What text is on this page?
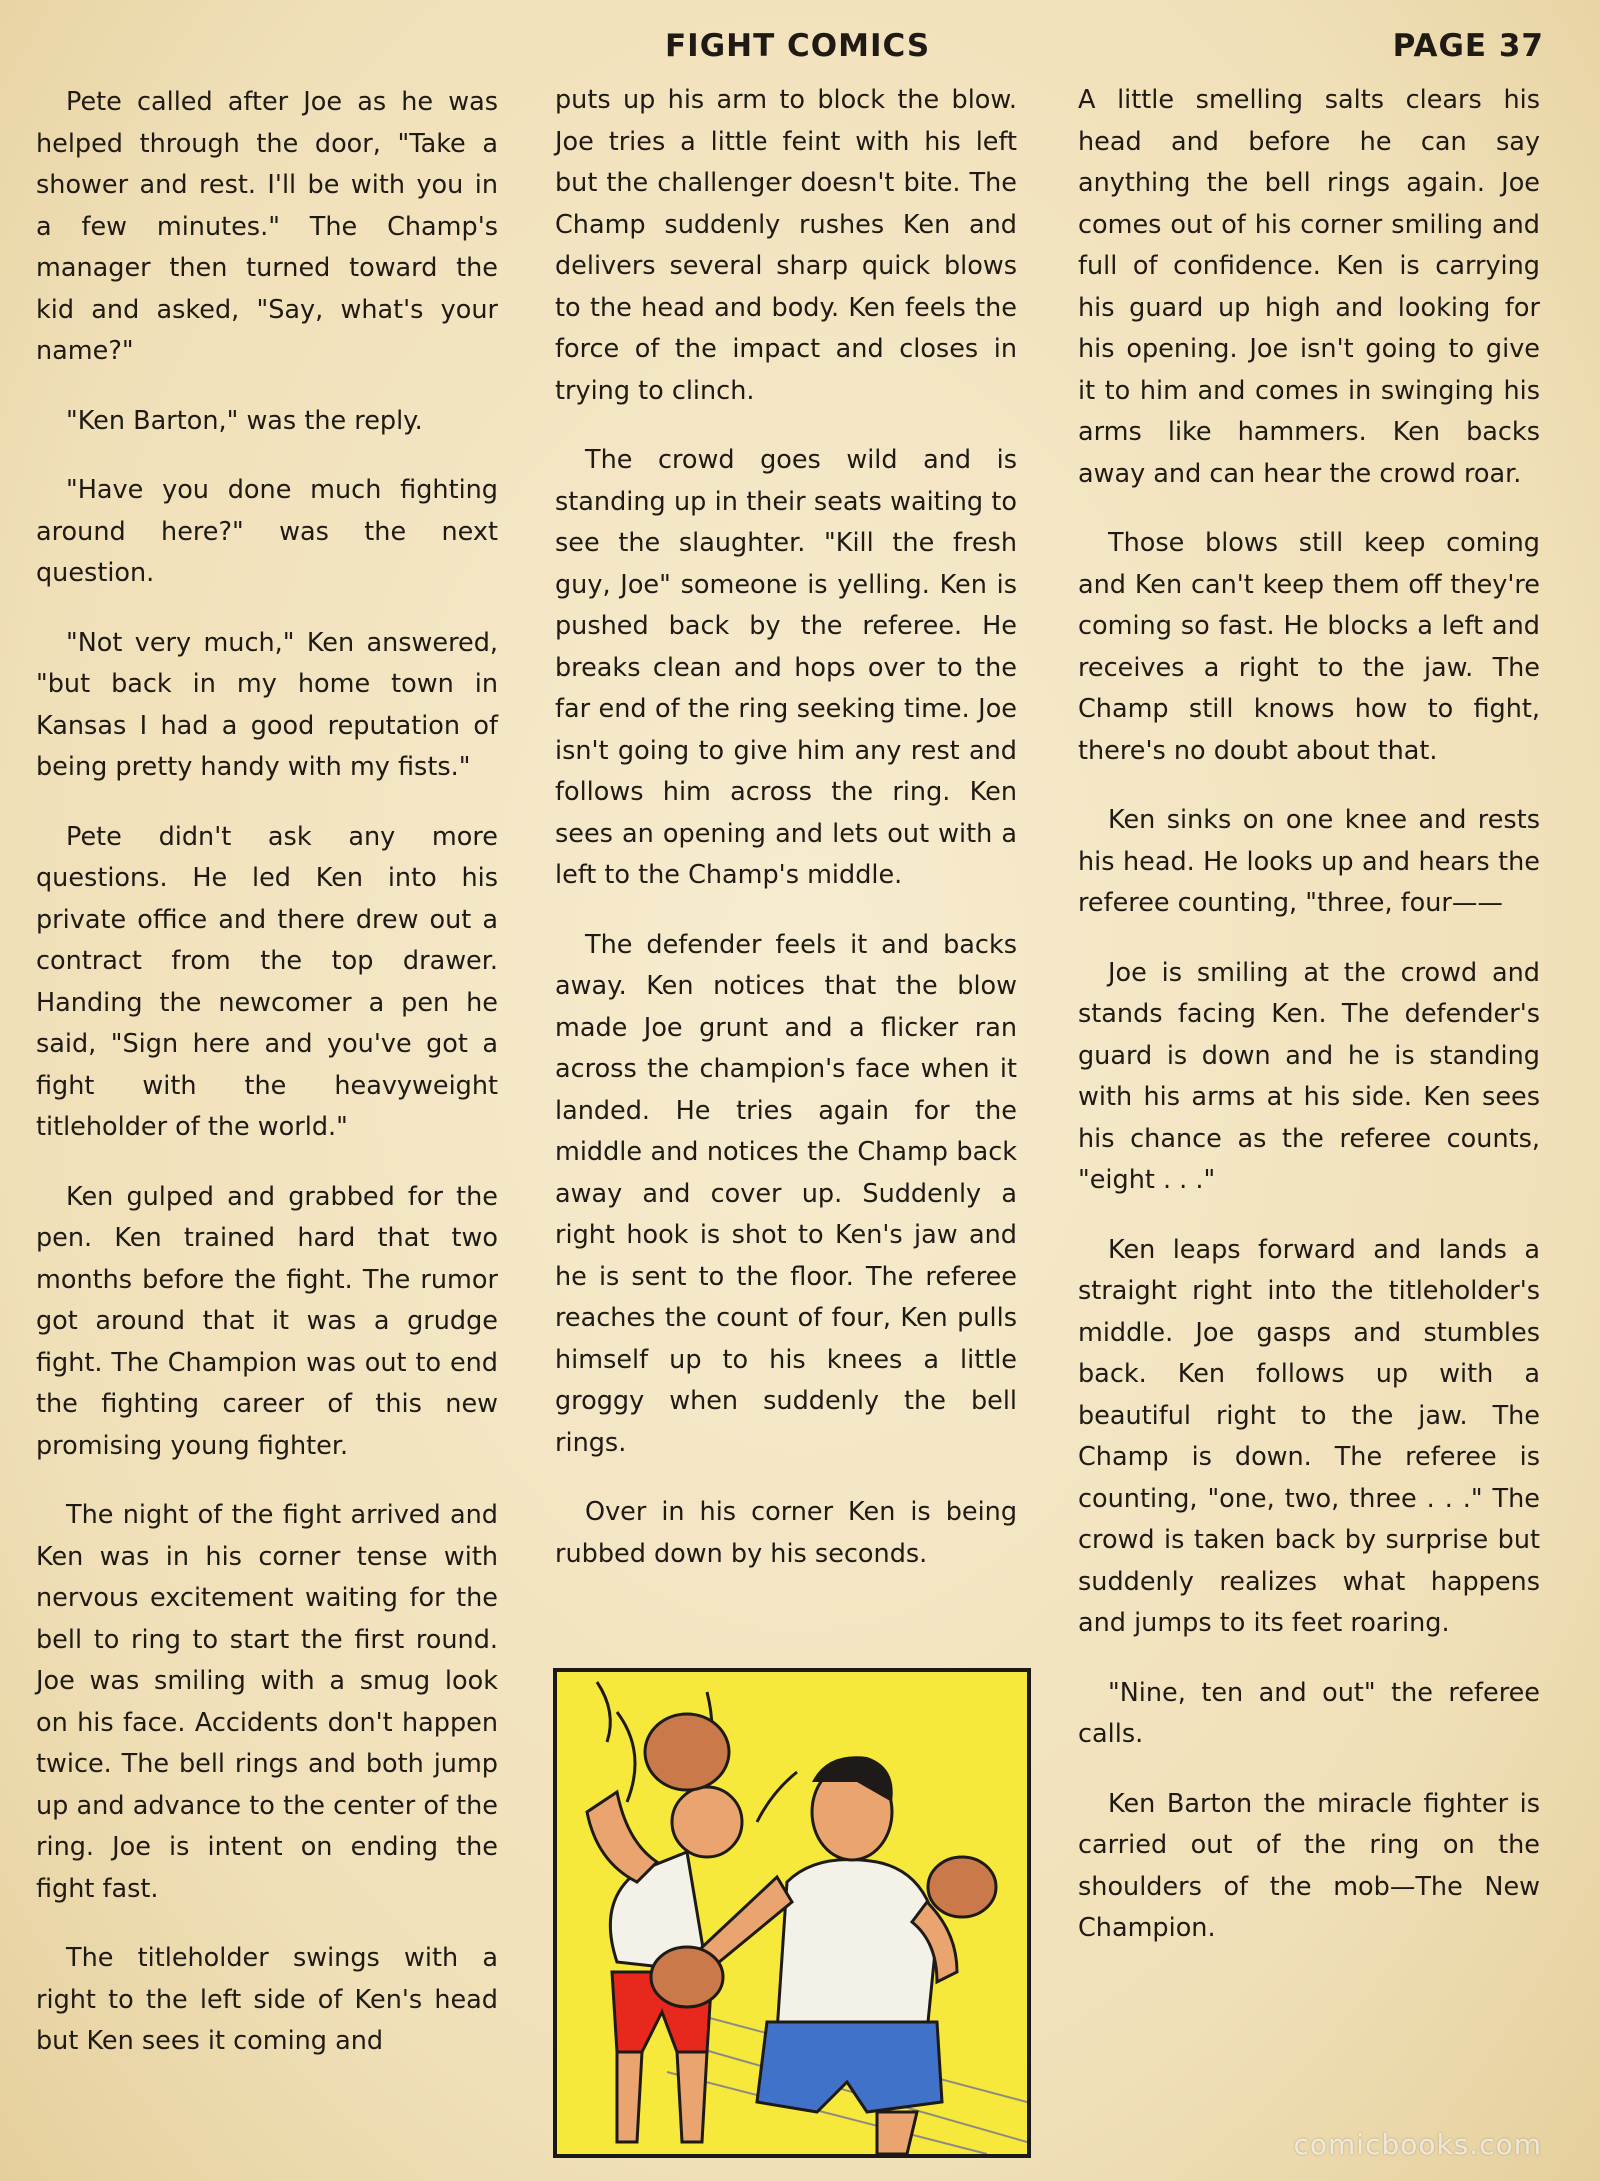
FIGHT COMICS	PAGE 37

Pete called after Joe as he was helped through the door, "Take a shower and rest. I'll be with you in a few minutes." The Champ's manager then turned toward the kid and asked, "Say, what's your name?"

"Ken Barton," was the reply.

"Have you done much fighting around here?" was the next question.

"Not very much," Ken answered, "but back in my home town in Kansas I had a good reputation of being pretty handy with my fists."

Pete didn't ask any more questions. He led Ken into his private office and there drew out a contract from the top drawer. Handing the newcomer a pen he said, "Sign here and you've got a fight with the heavyweight titleholder of the world."

Ken gulped and grabbed for the pen. Ken trained hard that two months before the fight. The rumor got around that it was a grudge fight. The Champion was out to end the fighting career of this new promising young fighter.

The night of the fight arrived and Ken was in his corner tense with nervous excitement waiting for the bell to ring to start the first round. Joe was smiling with a smug look on his face. Accidents don't happen twice. The bell rings and both jump up and advance to the center of the ring. Joe is intent on ending the fight fast.

The titleholder swings with a right to the left side of Ken's head but Ken sees it coming and

puts up his arm to block the blow. Joe tries a little feint with his left but the challenger doesn't bite. The Champ suddenly rushes Ken and delivers several sharp quick blows to the head and body. Ken feels the force of the impact and closes in trying to clinch.

The crowd goes wild and is standing up in their seats waiting to see the slaughter. "Kill the fresh guy, Joe" someone is yelling. Ken is pushed back by the referee. He breaks clean and hops over to the far end of the ring seeking time. Joe isn't going to give him any rest and follows him across the ring. Ken sees an opening and lets out with a left to the Champ's middle.

The defender feels it and backs away. Ken notices that the blow made Joe grunt and a flicker ran across the champion's face when it landed. He tries again for the middle and notices the Champ back away and cover up. Suddenly a right hook is shot to Ken's jaw and he is sent to the floor. The referee reaches the count of four, Ken pulls himself up to his knees a little groggy when suddenly the bell rings.

Over in his corner Ken is being rubbed down by his seconds.

A little smelling salts clears his head and before he can say anything the bell rings again. Joe comes out of his corner smiling and full of confidence. Ken is carrying his guard up high and looking for his opening. Joe isn't going to give it to him and comes in swinging his arms like hammers. Ken backs away and can hear the crowd roar.

Those blows still keep coming and Ken can't keep them off they're coming so fast. He blocks a left and receives a right to the jaw. The Champ still knows how to fight, there's no doubt about that.

Ken sinks on one knee and rests his head. He looks up and hears the referee counting, "three, four——

Joe is smiling at the crowd and stands facing Ken. The defender's guard is down and he is standing with his arms at his side. Ken sees his chance as the referee counts, "eight . . ."

Ken leaps forward and lands a straight right into the titleholder's middle. Joe gasps and stumbles back. Ken follows up with a beautiful right to the jaw. The Champ is down. The referee is counting, "one, two, three . . ." The crowd is taken back by surprise but suddenly realizes what happens and jumps to its feet roaring.

"Nine, ten and out" the referee calls.

Ken Barton the miracle fighter is carried out of the ring on the shoulders of the mob—The New Champion.

comicbooks.com
